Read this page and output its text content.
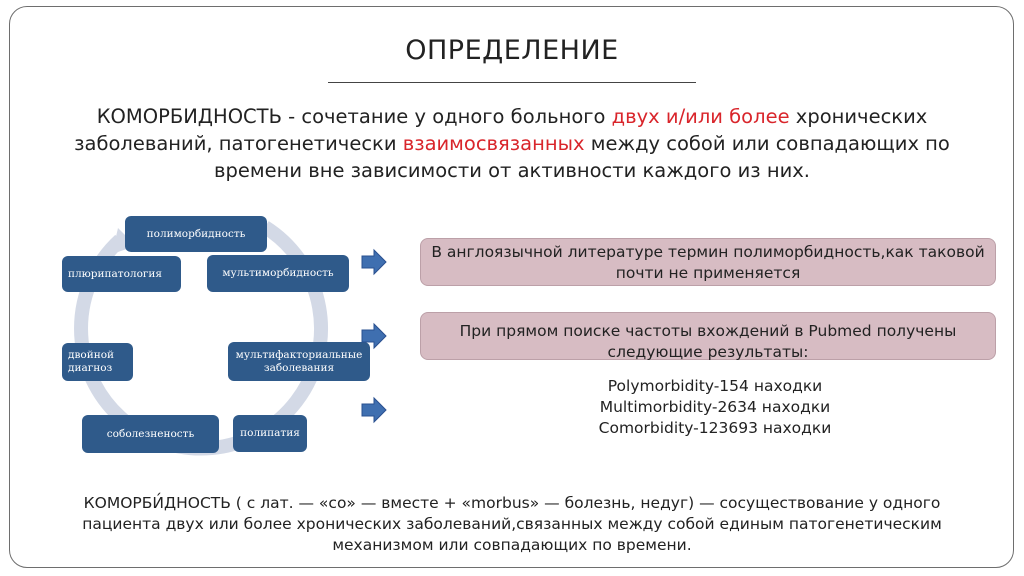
ОПРЕДЕЛЕНИЕ
КОМОРБИДНОСТЬ - сочетание у одного больного двух и/или более хронических заболеваний, патогенетически взаимосвязанных между собой или совпадающих по времени вне зависимости от активности каждого из них.
полиморбидность
мультиморбидность
плюрипатология
двойной диагноз
мультифакториальные заболевания
соболезненость	полипатия
В англоязычной литературе термин полиморбидность,как таковой почти не применяется
При прямом поиске частоты вхождений в Pubmed получены следующие результаты:
Polymorbidity-154 находки
Multimorbidity-2634 находки
Comorbidity-123693 находки
КОМОРБИ́ДНОСТЬ ( с лат. — «со» — вместе + «morbus» — болезнь, недуг) — сосуществование у одного пациента двух или более хронических заболеваний,связанных между собой единым патогенетическим механизмом или совпадающих по времени.
